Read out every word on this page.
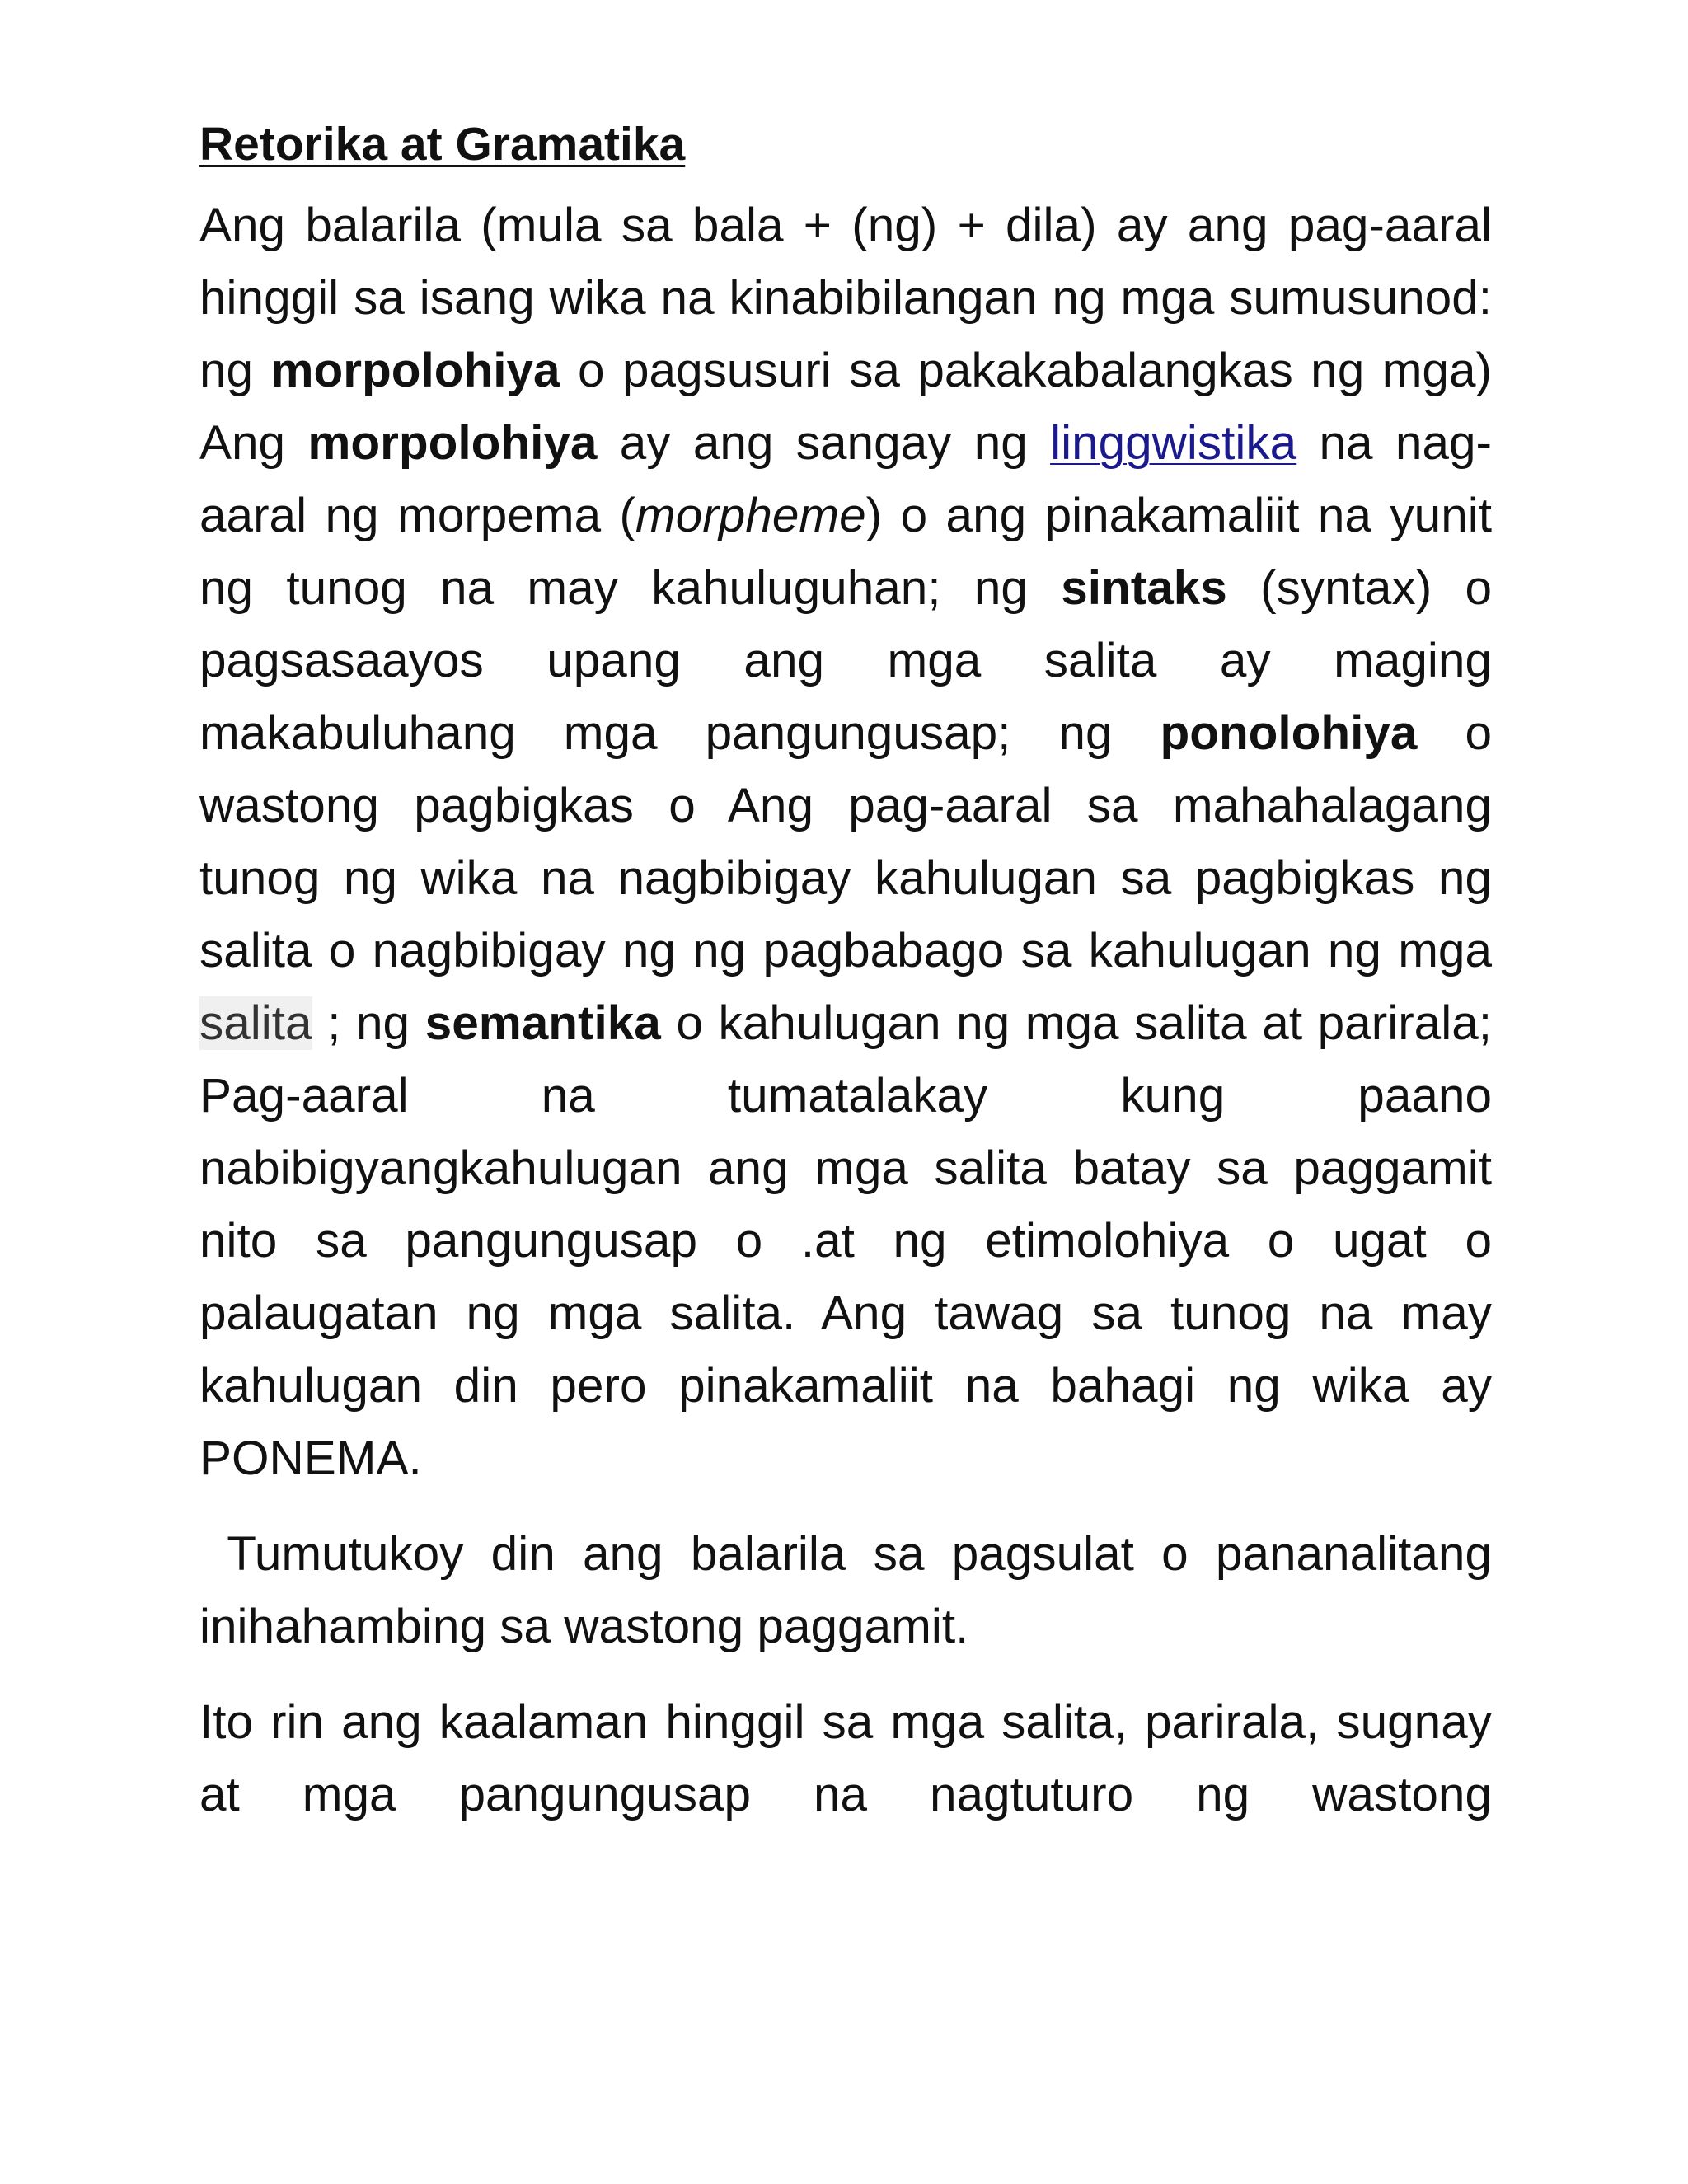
Retorika at Gramatika

Ang balarila (mula sa bala + (ng) + dila) ay ang pag-aaral hinggil sa isang wika na kinabibilangan ng mga sumusunod: ng morpolohiya o pagsusuri sa pakakabalangkas ng mga) Ang morpolohiya ay ang sangay ng linggwistika na nag-aaral ng morpema (morpheme) o ang pinakamaliit na yunit ng tunog na may kahuluguhan; ng sintaks (syntax) o pagsasaayos upang ang mga salita ay maging makabuluhang mga pangungusap; ng ponolohiya o wastong pagbigkas o Ang pag-aaral sa mahahalagang tunog ng wika na nagbibigay kahulugan sa pagbigkas ng salita o nagbibigay ng ng pagbabago sa kahulugan ng mga salita ; ng semantika o kahulugan ng mga salita at parirala; Pag-aaral na tumatalakay kung paano nabibigyangkahulugan ang mga salita batay sa paggamit nito sa pangungusap o .at ng etimolohiya o ugat o palaugatan ng mga salita. Ang tawag sa tunog na may kahulugan din pero pinakamaliit na bahagi ng wika ay PONEMA.

Tumutukoy din ang balarila sa pagsulat o pananalitang inihahambing sa wastong paggamit.

Ito rin ang kaalaman hinggil sa mga salita, parirala, sugnay at mga pangungusap na nagtuturo ng wastong
